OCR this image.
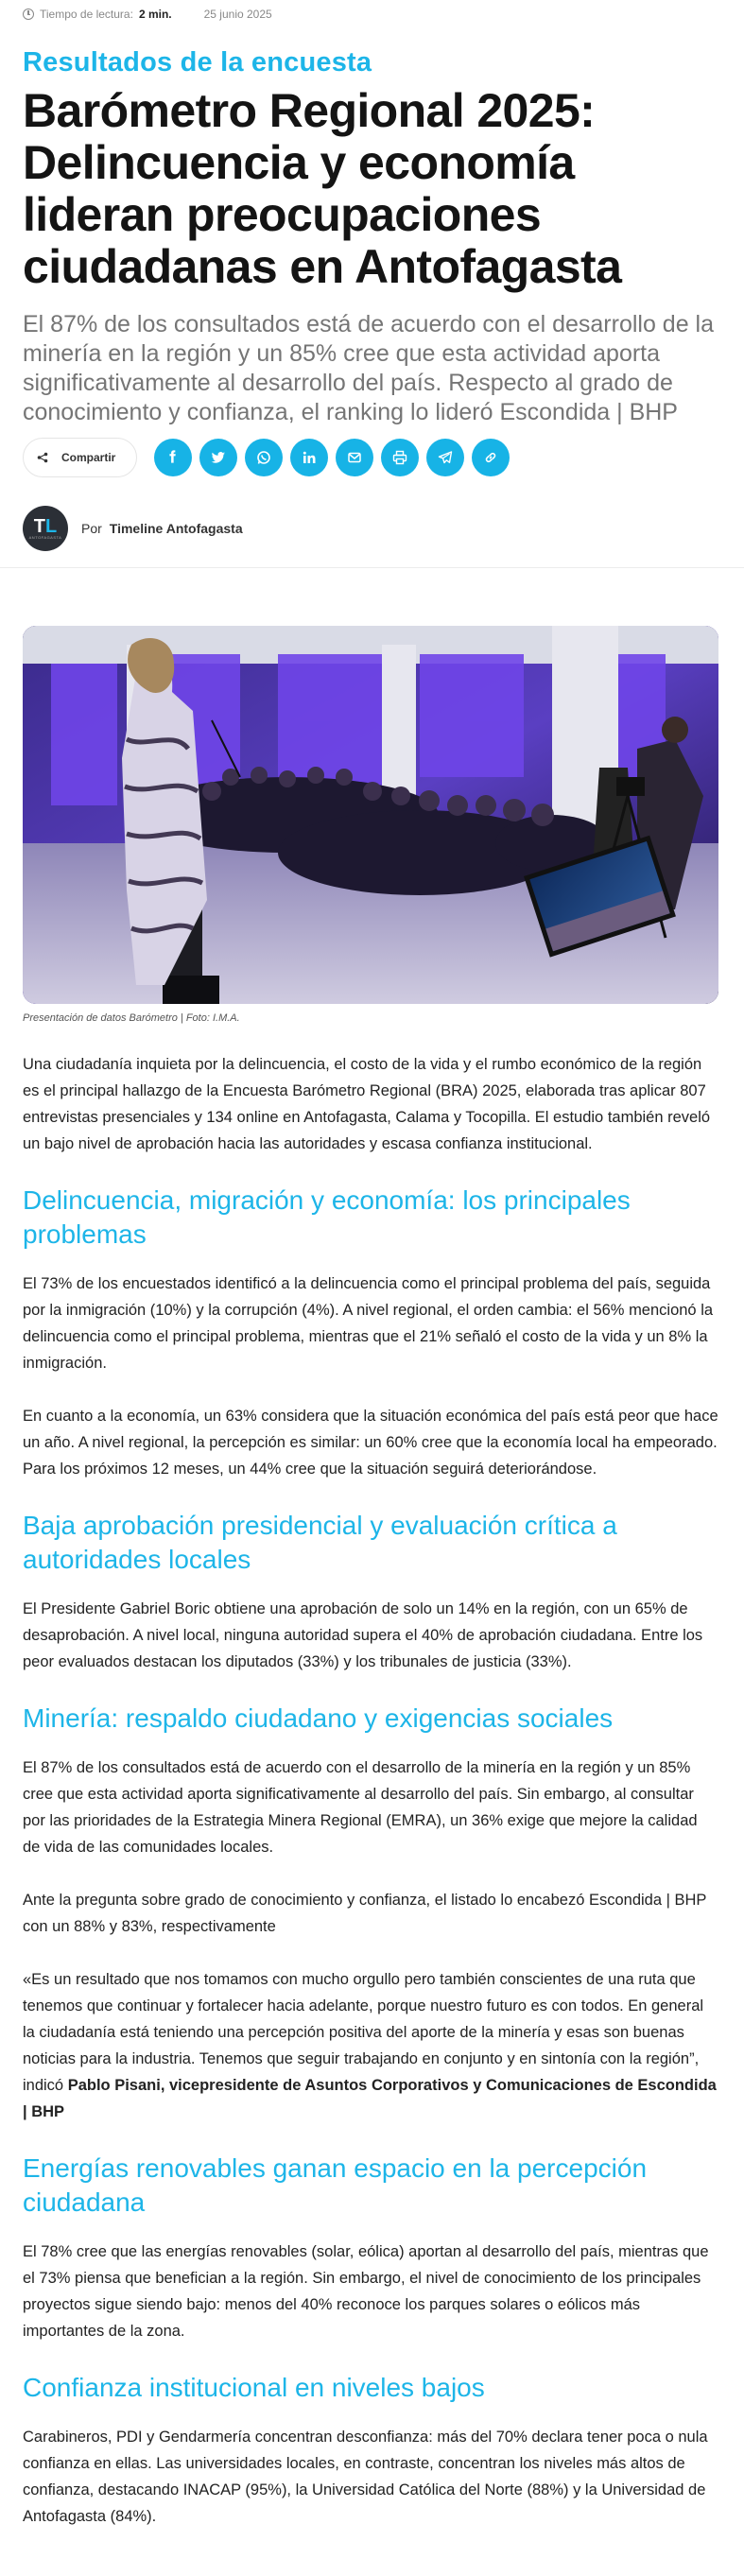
Tiempo de lectura: 2 min.	25 junio 2025
Resultados de la encuesta
Barómetro Regional 2025: Delincuencia y economía lideran preocupaciones ciudadanas en Antofagasta
El 87% de los consultados está de acuerdo con el desarrollo de la minería en la región y un 85% cree que esta actividad aporta significativamente al desarrollo del país. Respecto al grado de conocimiento y confianza, el ranking lo lideró Escondida | BHP
Compartir
TL
ANTOFAGASTA
Por Timeline Antofagasta
Presentación de datos Barómetro | Foto: I.M.A.

Una ciudadanía inquieta por la delincuencia, el costo de la vida y el rumbo económico de la región es el principal hallazgo de la Encuesta Barómetro Regional (BRA) 2025, elaborada tras aplicar 807 entrevistas presenciales y 134 online en Antofagasta, Calama y Tocopilla. El estudio también reveló un bajo nivel de aprobación hacia las autoridades y escasa confianza institucional.

Delincuencia, migración y economía: los principales problemas

El 73% de los encuestados identificó a la delincuencia como el principal problema del país, seguida por la inmigración (10%) y la corrupción (4%). A nivel regional, el orden cambia: el 56% mencionó la delincuencia como el principal problema, mientras que el 21% señaló el costo de la vida y un 8% la inmigración.

En cuanto a la economía, un 63% considera que la situación económica del país está peor que hace un año. A nivel regional, la percepción es similar: un 60% cree que la economía local ha empeorado. Para los próximos 12 meses, un 44% cree que la situación seguirá deteriorándose.

Baja aprobación presidencial y evaluación crítica a autoridades locales

El Presidente Gabriel Boric obtiene una aprobación de solo un 14% en la región, con un 65% de desaprobación. A nivel local, ninguna autoridad supera el 40% de aprobación ciudadana. Entre los peor evaluados destacan los diputados (33%) y los tribunales de justicia (33%).

Minería: respaldo ciudadano y exigencias sociales

El 87% de los consultados está de acuerdo con el desarrollo de la minería en la región y un 85% cree que esta actividad aporta significativamente al desarrollo del país. Sin embargo, al consultar por las prioridades de la Estrategia Minera Regional (EMRA), un 36% exige que mejore la calidad de vida de las comunidades locales.

Ante la pregunta sobre grado de conocimiento y confianza, el listado lo encabezó Escondida | BHP con un 88% y 83%, respectivamente

«Es un resultado que nos tomamos con mucho orgullo pero también conscientes de una ruta que tenemos que continuar y fortalecer hacia adelante, porque nuestro futuro es con todos. En general la ciudadanía está teniendo una percepción positiva del aporte de la minería y esas son buenas noticias para la industria. Tenemos que seguir trabajando en conjunto y en sintonía con la región”, indicó Pablo Pisani, vicepresidente de Asuntos Corporativos y Comunicaciones de Escondida | BHP

Energías renovables ganan espacio en la percepción ciudadana

El 78% cree que las energías renovables (solar, eólica) aportan al desarrollo del país, mientras que el 73% piensa que benefician a la región. Sin embargo, el nivel de conocimiento de los principales proyectos sigue siendo bajo: menos del 40% reconoce los parques solares o eólicos más importantes de la zona.

Confianza institucional en niveles bajos

Carabineros, PDI y Gendarmería concentran desconfianza: más del 70% declara tener poca o nula confianza en ellas. Las universidades locales, en contraste, concentran los niveles más altos de confianza, destacando INACAP (95%), la Universidad Católica del Norte (88%) y la Universidad de Antofagasta (84%).
